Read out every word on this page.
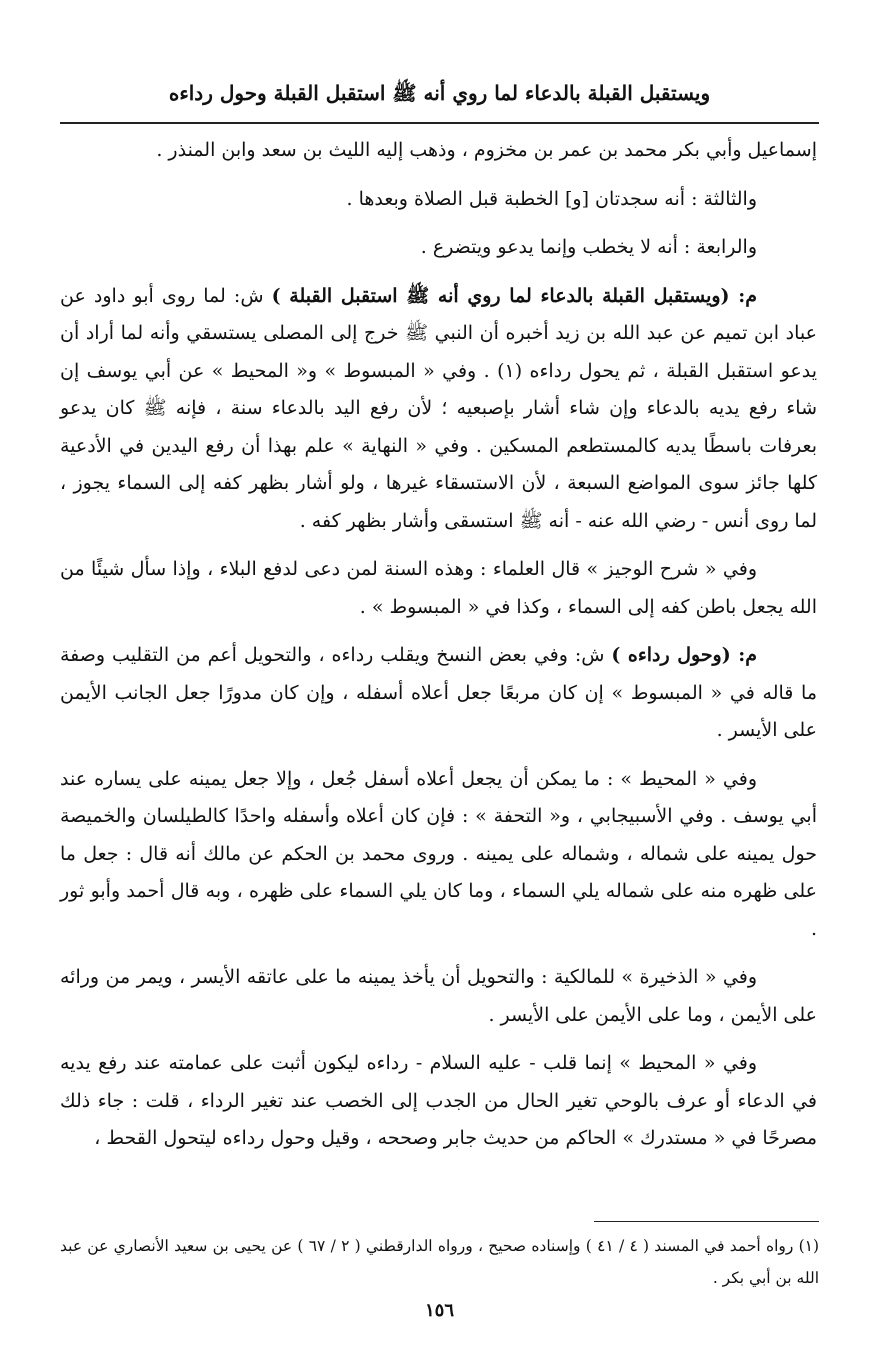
ويستقبل القبلة بالدعاء لما روي أنه ﷺ استقبل القبلة وحول رداءه

إسماعيل وأبي بكر محمد بن عمر بن مخزوم ، وذهب إليه الليث بن سعد وابن المنذر .

والثالثة : أنه سجدتان [و] الخطبة قبل الصلاة وبعدها .

والرابعة : أنه لا يخطب وإنما يدعو ويتضرع .

م: (ويستقبل القبلة بالدعاء لما روي أنه ﷺ استقبل القبلة ) ش: لما روى أبو داود عن عباد ابن تميم عن عبد الله بن زيد أخبره أن النبي ﷺ خرج إلى المصلى يستسقي وأنه لما أراد أن يدعو استقبل القبلة ، ثم يحول رداءه (١) . وفي « المبسوط » و« المحيط » عن أبي يوسف إن شاء رفع يديه بالدعاء وإن شاء أشار بإصبعيه ؛ لأن رفع اليد بالدعاء سنة ، فإنه ﷺ كان يدعو بعرفات باسطًا يديه كالمستطعم المسكين . وفي « النهاية » علم بهذا أن رفع اليدين في الأدعية كلها جائز سوى المواضع السبعة ، لأن الاستسقاء غيرها ، ولو أشار بظهر كفه إلى السماء يجوز ، لما روى أنس - رضي الله عنه - أنه ﷺ استسقى وأشار بظهر كفه .

وفي « شرح الوجيز » قال العلماء : وهذه السنة لمن دعى لدفع البلاء ، وإذا سأل شيئًا من الله يجعل باطن كفه إلى السماء ، وكذا في « المبسوط » .

م: (وحول رداءه ) ش: وفي بعض النسخ ويقلب رداءه ، والتحويل أعم من التقليب وصفة ما قاله في « المبسوط » إن كان مربعًا جعل أعلاه أسفله ، وإن كان مدورًا جعل الجانب الأيمن على الأيسر .

وفي « المحيط » : ما يمكن أن يجعل أعلاه أسفل جُعل ، وإلا جعل يمينه على يساره عند أبي يوسف . وفي الأسبيجابي ، و« التحفة » : فإن كان أعلاه وأسفله واحدًا كالطيلسان والخميصة حول يمينه على شماله ، وشماله على يمينه . وروى محمد بن الحكم عن مالك أنه قال : جعل ما على ظهره منه على شماله يلي السماء ، وما كان يلي السماء على ظهره ، وبه قال أحمد وأبو ثور .

وفي « الذخيرة » للمالكية : والتحويل أن يأخذ يمينه ما على عاتقه الأيسر ، ويمر من ورائه على الأيمن ، وما على الأيمن على الأيسر .

وفي « المحيط » إنما قلب - عليه السلام - رداءه ليكون أثبت على عمامته عند رفع يديه في الدعاء أو عرف بالوحي تغير الحال من الجدب إلى الخصب عند تغير الرداء ، قلت : جاء ذلك مصرحًا في « مستدرك » الحاكم من حديث جابر وصححه ، وقيل وحول رداءه ليتحول القحط ،

(١) رواه أحمد في المسند ( ٤ / ٤١ ) وإسناده صحيح ، ورواه الدارقطني ( ٢ / ٦٧ ) عن يحيى بن سعيد الأنصاري عن عبد الله بن أبي بكر .
١٥٦
